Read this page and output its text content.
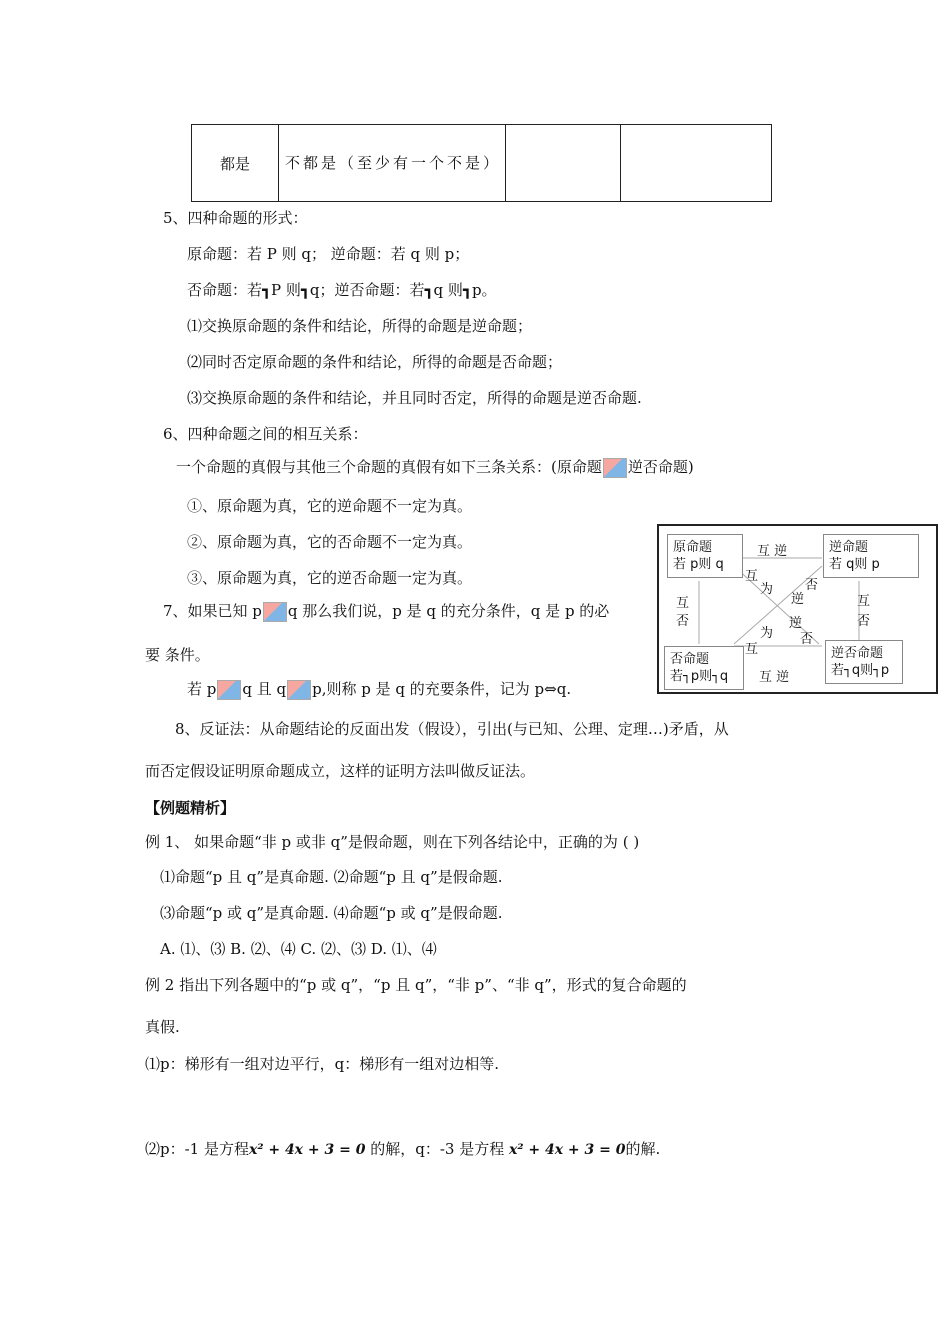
都是	不都是（至少有一个不是）		
5、四种命题的形式：
原命题：若 P 则 q； 逆命题：若 q 则 p；
否命题：若┓P 则┓q；逆否命题：若┓q 则┓p。
⑴交换原命题的条件和结论，所得的命题是逆命题；
⑵同时否定原命题的条件和结论，所得的命题是否命题；
⑶交换原命题的条件和结论，并且同时否定，所得的命题是逆否命题.
6、四种命题之间的相互关系：
一个命题的真假与其他三个命题的真假有如下三条关系：(原命题 逆否命题)
①、原命题为真，它的逆命题不一定为真。
②、原命题为真，它的否命题不一定为真。
③、原命题为真，它的逆否命题一定为真。
原命题
若 p则 q
逆命题
若 q则 p
否命题
若┐p则┐q
逆否命题
若┐q则┐p
互 逆
互 逆
互
否
互
否
互
为
逆
否
为
互
逆
否
7、如果已知 p q 那么我们说，p 是 q 的充分条件，q 是 p 的必
要 条件。
若 p q 且 q p,则称 p 是 q 的充要条件，记为 p⇔q.
8、反证法：从命题结论的反面出发（假设），引出(与已知、公理、定理…)矛盾，从
而否定假设证明原命题成立，这样的证明方法叫做反证法。
【例题精析】
例 1、 如果命题“非 p 或非 q”是假命题，则在下列各结论中，正确的为 ( )
⑴命题“p 且 q”是真命题. ⑵命题“p 且 q”是假命题.
⑶命题“p 或 q”是真命题. ⑷命题“p 或 q”是假命题.
A. ⑴、⑶ B. ⑵、⑷ C. ⑵、⑶ D. ⑴、⑷
例 2 指出下列各题中的“p 或 q”，“p 且 q”，“非 p”、“非 q”，形式的复合命题的
真假.
⑴p：梯形有一组对边平行，q：梯形有一组对边相等.
⑵p：-1 是方程x² + 4x + 3 = 0 的解，q：-3 是方程 x² + 4x + 3 = 0的解.
